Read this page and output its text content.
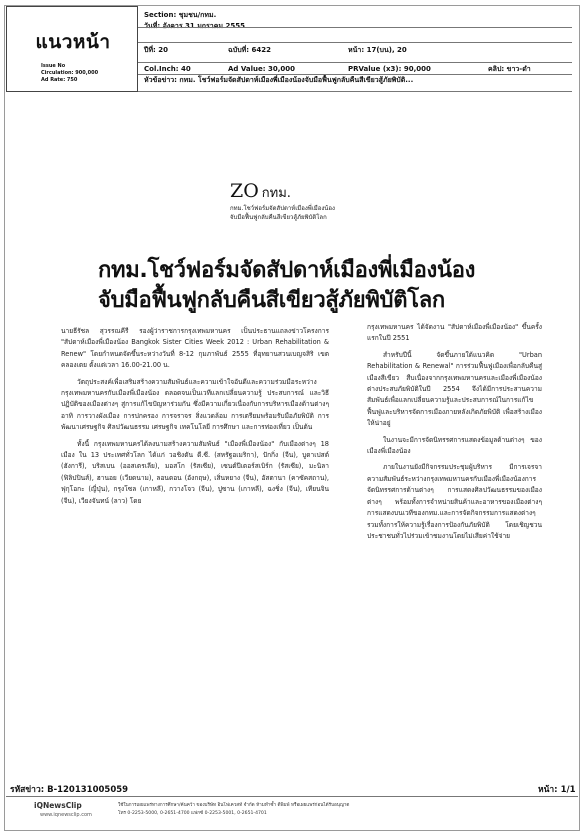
แนวหน้า
Issue No
Circulation: 900,000
Ad Rate: 750
Section: ชุมชน/กทม.
วันที่: อังคาร 31 มกราคม 2555
ปีที่: 20	ฉบับที่: 6422	หน้า: 17(บน), 20
Col.Inch: 40	Ad Value: 30,000	PRValue (x3): 90,000	คลิป: ขาว-ดำ
หัวข้อข่าว: กทม. โชว์ฟอร์มจัดสัปดาห์เมืองพี่เมืองน้องจับมือฟื้นฟูกลับคืนสีเขียวสู้ภัยพิบัติ...
ZO กทม.
กทม.โชว์ฟอร์มจัดสัปดาห์เมืองพี่เมืองน้อง
จับมือฟื้นฟูกลับคืนสีเขียวสู้ภัยพิบัติโลก
กทม.โชว์ฟอร์มจัดสัปดาห์เมืองพี่เมืองน้อง
จับมือฟื้นฟูกลับคืนสีเขียวสู้ภัยพิบัติโลก

นายธีรัชล สุวรรณคีรี รองผู้ว่าราชการกรุงเทพมหานคร เป็นประธานแถลงข่าวโครงการ "สัปดาห์เมืองพี่เมืองน้อง Bangkok Sister Cities Week 2012 : Urban Rehabilitation & Renew" โดยกำหนดจัดขึ้นระหว่างวันที่ 8-12 กุมภาพันธ์ 2555 ที่อุทยานสวนเบญจสิริ เขตคลองเตย ตั้งแต่เวลา 16.00-21.00 น.

วัตถุประสงค์เพื่อเสริมสร้างความสัมพันธ์และความเข้าใจอันดีและความร่วมมือระหว่างกรุงเทพมหานครกับเมืองพี่เมืองน้อง ตลอดจนเป็นเวทีแลกเปลี่ยนความรู้ ประสบการณ์ และวิธีปฏิบัติของเมืองต่างๆ สู่การแก้ไขปัญหาร่วมกัน ซึ่งมีความเกี่ยวเนื่องกับการบริหารเมืองด้านต่างๆ อาทิ การวางผังเมือง การปกครอง การจราจร สิ่งแวดล้อม การเตรียมพร้อมรับมือภัยพิบัติ การพัฒนาเศรษฐกิจ ศิลปวัฒนธรรม เศรษฐกิจ เทคโนโลยี การศึกษา และการท่องเที่ยว เป็นต้น

ทั้งนี้ กรุงเทพมหานครได้ลงนามสร้างความสัมพันธ์ "เมืองพี่เมืองน้อง" กับเมืองต่างๆ 18 เมือง ใน 13 ประเทศทั่วโลก ได้แก่ วอชิงตัน ดี.ซี. (สหรัฐอเมริกา), ปักกิ่ง (จีน), บูดาเปสต์ (ฮังการี), บริสเบน (ออสเตรเลีย), มอสโก (รัสเซีย), เซนต์ปีเตอร์สเบิร์ก (รัสเซีย), มะนิลา (ฟิลิปปินส์), ฮานอย (เวียดนาม), ลอนดอน (อังกฤษ), เสิ่นหยาง (จีน), อัสตานา (คาซัคสถาน), ฟุกุโอกะ (ญี่ปุ่น), กรุงโซล (เกาหลี), กวางโจว (จีน), ปูซาน (เกาหลี), ฉงชิ่ง (จีน), เทียนจิน (จีน), เวียงจันทน์ (ลาว) โดย

กรุงเทพมหานคร ได้จัดงาน "สัปดาห์เมืองพี่เมืองน้อง" ขึ้นครั้งแรกในปี 2551

สำหรับปีนี้ จัดขึ้นภายใต้แนวคิด "Urban Rehabilitation & Renewal" การร่วมฟื้นฟูเมืองเพื่อกลับคืนสู่เมืองสีเขียว สืบเนื่องจากกรุงเทพมหานครและเมืองพี่เมืองน้องต่างประสบภัยพิบัติในปี 2554 จึงได้มีการประสานความสัมพันธ์เพื่อแลกเปลี่ยนความรู้และประสบการณ์ในการแก้ไขฟื้นฟูและบริหารจัดการเมืองภายหลังเกิดภัยพิบัติ เพื่อสร้างเมืองให้น่าอยู่

ในงานจะมีการจัดนิทรรศการแสดงข้อมูลด้านต่างๆ ของเมืองพี่เมืองน้อง

ภายในงานยังมีกิจกรรมประชุมผู้บริหาร มีการเจรจาความสัมพันธ์ระหว่างกรุงเทพมหานครกับเมืองพี่เมืองน้องการจัดนิทรรศการด้านต่างๆ การแสดงศิลปวัฒนธรรมของเมืองต่างๆ พร้อมทั้งการจำหน่ายสินค้าและอาหารของเมืองต่างๆ การแสดงบนเวทีของกทม.และการจัดกิจกรรมการแสดงต่างๆ รวมทั้งการให้ความรู้เรื่องการป้องกันภัยพิบัติ โดยเชิญชวนประชาชนทั่วไปร่วมเข้าชมงานโดยไม่เสียค่าใช้จ่าย

รหัสข่าว: B-120131005059	หน้า: 1/1
iQNewsClip
www.iqnewsclip.com
ใช้ในการเผยแพร่ทางการศึกษา/ค้นคว้า ของบริษัท อินโฟเควสท์ จำกัด ห้ามทำซ้ำ ตีพิมพ์ หรือเผยแพร่ก่อนได้รับอนุญาต
โทร 0-2253-5000, 0-2651-4700 แฟกซ์ 0-2253-5001, 0-2651-4701
